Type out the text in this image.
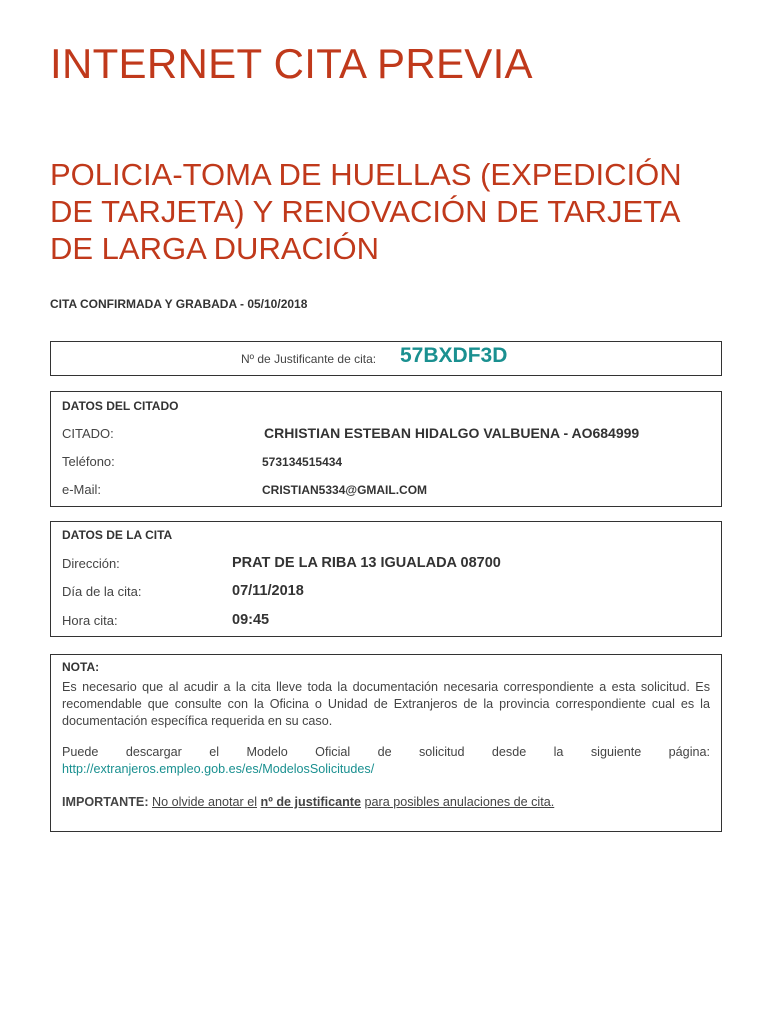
INTERNET CITA PREVIA
POLICIA-TOMA DE HUELLAS (EXPEDICIÓN DE TARJETA) Y RENOVACIÓN DE TARJETA DE LARGA DURACIÓN
CITA CONFIRMADA Y GRABADA - 05/10/2018
Nº de Justificante de cita: 57BXDF3D
DATOS DEL CITADO
CITADO:	CRHISTIAN ESTEBAN HIDALGO VALBUENA - AO684999
Teléfono:	573134515434
e-Mail:	CRISTIAN5334@GMAIL.COM
DATOS DE LA CITA
Dirección:	PRAT DE LA RIBA 13 IGUALADA 08700
Día de la cita:	07/11/2018
Hora cita:	09:45
NOTA:
Es necesario que al acudir a la cita lleve toda la documentación necesaria correspondiente a esta solicitud. Es recomendable que consulte con la Oficina o Unidad de Extranjeros de la provincia correspondiente cual es la documentación específica requerida en su caso.
Puede descargar el Modelo Oficial de solicitud desde la siguiente página:
http://extranjeros.empleo.gob.es/es/ModelosSolicitudes/
IMPORTANTE: No olvide anotar el nº de justificante para posibles anulaciones de cita.
